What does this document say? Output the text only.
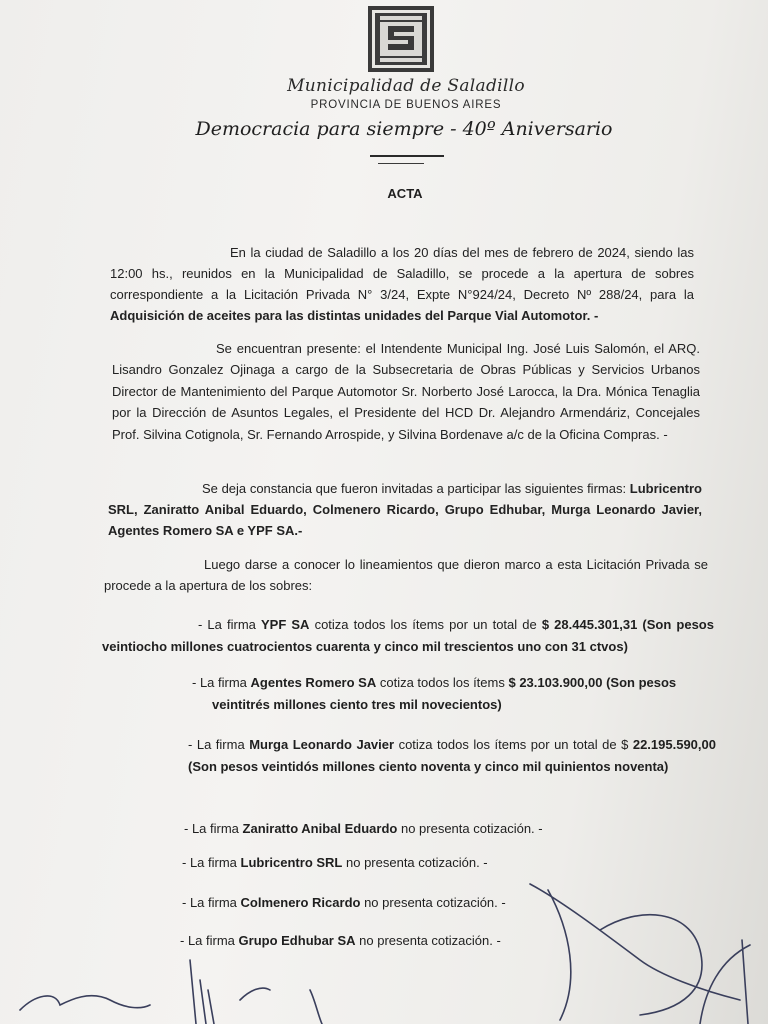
Municipalidad de Saladillo
PROVINCIA DE BUENOS AIRES
Democracia para siempre - 40º Aniversario
ACTA
En la ciudad de Saladillo a los 20 días del mes de febrero de 2024, siendo las 12:00 hs., reunidos en la Municipalidad de Saladillo, se procede a la apertura de sobres correspondiente a la Licitación Privada N° 3/24, Expte N°924/24, Decreto Nº 288/24, para la Adquisición de aceites para las distintas unidades del Parque Vial Automotor. -
Se encuentran presente: el Intendente Municipal Ing. José Luis Salomón, el ARQ. Lisandro Gonzalez Ojinaga a cargo de la Subsecretaria de Obras Públicas y Servicios Urbanos Director de Mantenimiento del Parque Automotor Sr. Norberto José Larocca, la Dra. Mónica Tenaglia por la Dirección de Asuntos Legales, el Presidente del HCD Dr. Alejandro Armendáriz, Concejales Prof. Silvina Cotignola, Sr. Fernando Arrospide, y Silvina Bordenave a/c de la Oficina Compras. -
Se deja constancia que fueron invitadas a participar las siguientes firmas: Lubricentro SRL, Zaniratto Anibal Eduardo, Colmenero Ricardo, Grupo Edhubar, Murga Leonardo Javier, Agentes Romero SA e YPF SA.-
Luego darse a conocer lo lineamientos que dieron marco a esta Licitación Privada se procede a la apertura de los sobres:
- La firma YPF SA cotiza todos los ítems por un total de $ 28.445.301,31 (Son pesos veintiocho millones cuatrocientos cuarenta y cinco mil trescientos uno con 31 ctvos)
- La firma Agentes Romero SA cotiza todos los ítems $ 23.103.900,00 (Son pesos
veintitrés millones ciento tres mil novecientos)
- La firma Murga Leonardo Javier cotiza todos los ítems por un total de $ 22.195.590,00 (Son pesos veintidós millones ciento noventa y cinco mil quinientos noventa)
- La firma Zaniratto Anibal Eduardo no presenta cotización. -
- La firma Lubricentro SRL no presenta cotización. -
- La firma Colmenero Ricardo no presenta cotización. -
- La firma Grupo Edhubar SA no presenta cotización. -
